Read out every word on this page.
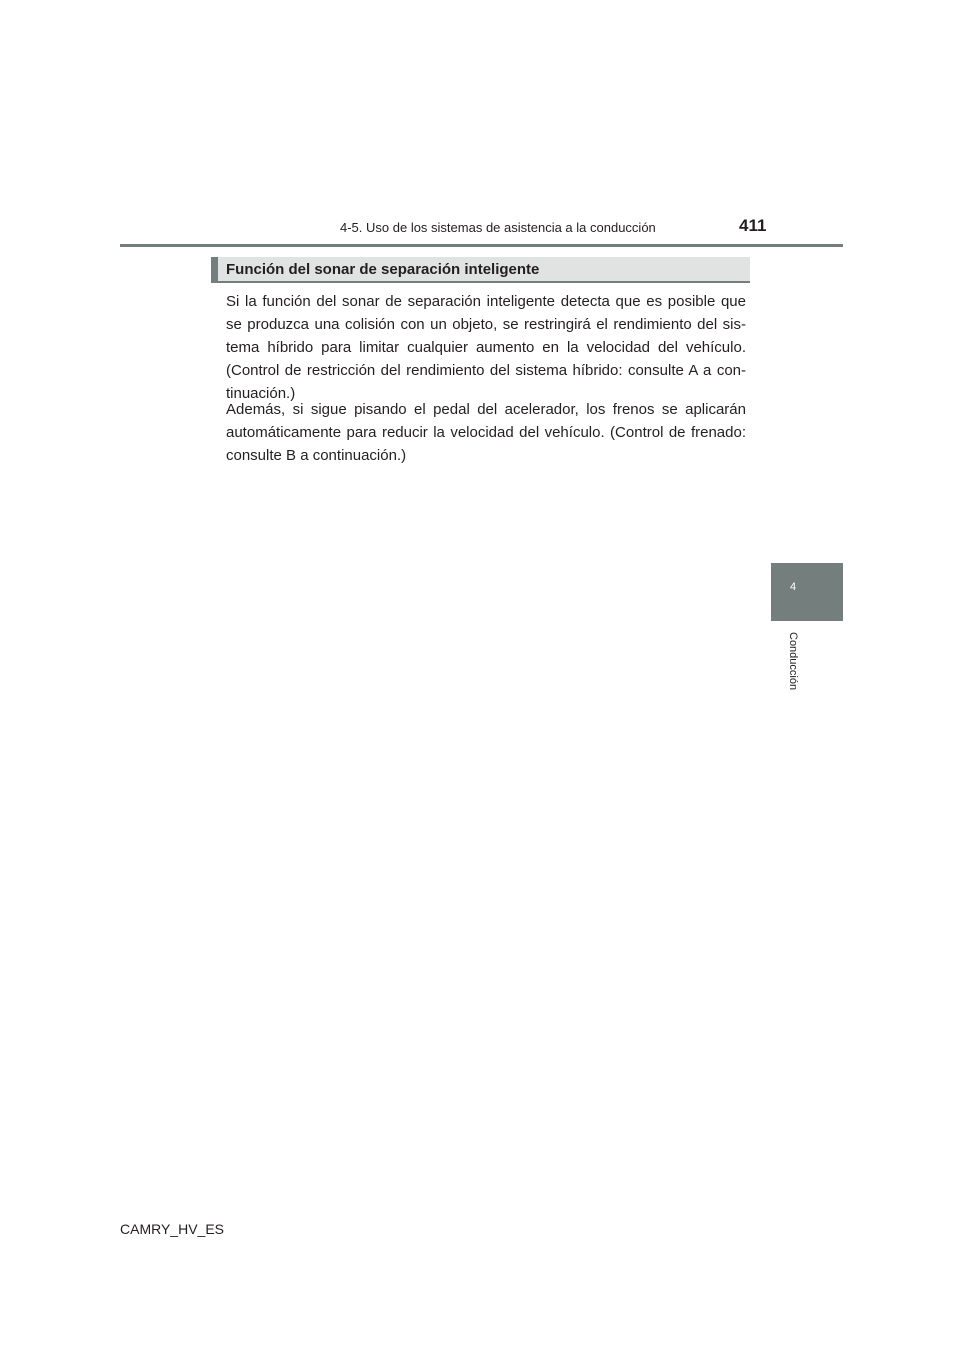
4-5. Uso de los sistemas de asistencia a la conducción	411
Función del sonar de separación inteligente

Si la función del sonar de separación inteligente detecta que es posible que se produzca una colisión con un objeto, se restringirá el rendimiento del sis-tema híbrido para limitar cualquier aumento en la velocidad del vehículo. (Control de restricción del rendimiento del sistema híbrido: consulte A a con-tinuación.)

Además, si sigue pisando el pedal del acelerador, los frenos se aplicarán automáticamente para reducir la velocidad del vehículo. (Control de frenado: consulte B a continuación.)

4
Conducción
CAMRY_HV_ES
